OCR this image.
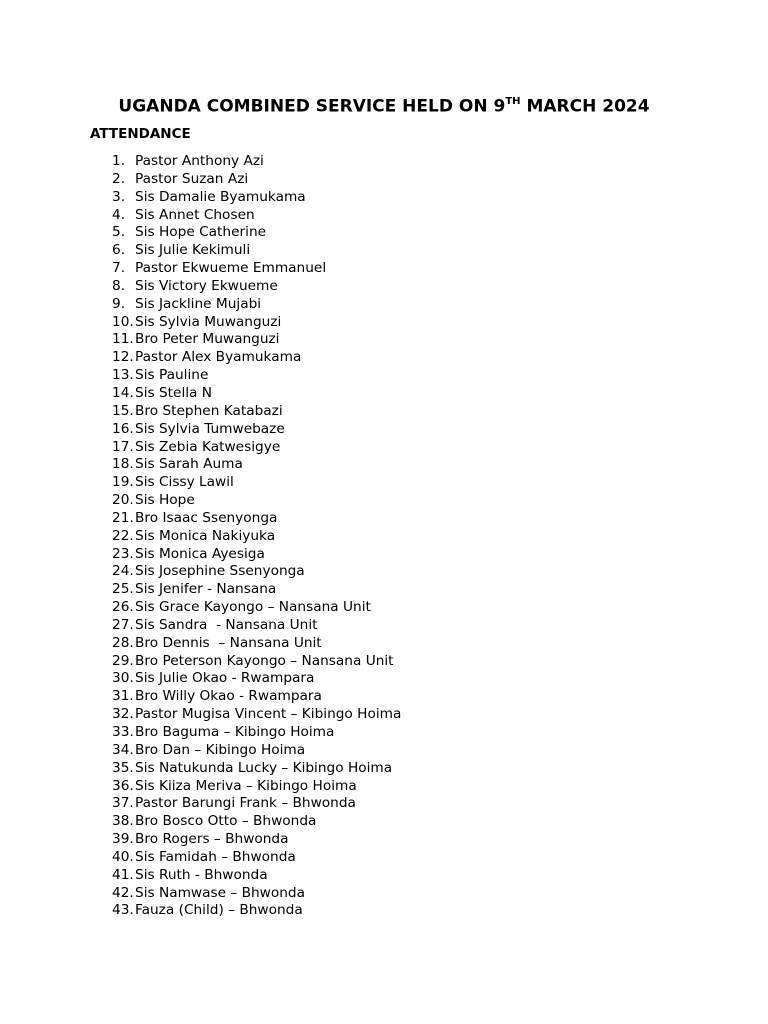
UGANDA COMBINED SERVICE HELD ON 9TH MARCH 2024
ATTENDANCE
1. Pastor Anthony Azi
2. Pastor Suzan Azi
3. Sis Damalie Byamukama
4. Sis Annet Chosen
5. Sis Hope Catherine
6. Sis Julie Kekimuli
7. Pastor Ekwueme Emmanuel
8. Sis Victory Ekwueme
9. Sis Jackline Mujabi
10. Sis Sylvia Muwanguzi
11. Bro Peter Muwanguzi
12. Pastor Alex Byamukama
13. Sis Pauline
14. Sis Stella N
15. Bro Stephen Katabazi
16. Sis Sylvia Tumwebaze
17. Sis Zebia Katwesigye
18. Sis Sarah Auma
19. Sis Cissy Lawil
20. Sis Hope
21. Bro Isaac Ssenyonga
22. Sis Monica Nakiyuka
23. Sis Monica Ayesiga
24. Sis Josephine Ssenyonga
25. Sis Jenifer - Nansana
26. Sis Grace Kayongo – Nansana Unit
27. Sis Sandra  - Nansana Unit
28. Bro Dennis  – Nansana Unit
29. Bro Peterson Kayongo – Nansana Unit
30. Sis Julie Okao - Rwampara
31. Bro Willy Okao - Rwampara
32. Pastor Mugisa Vincent – Kibingo Hoima
33. Bro Baguma – Kibingo Hoima
34. Bro Dan – Kibingo Hoima
35. Sis Natukunda Lucky – Kibingo Hoima
36. Sis Kiiza Meriva – Kibingo Hoima
37. Pastor Barungi Frank – Bhwonda
38. Bro Bosco Otto – Bhwonda
39. Bro Rogers – Bhwonda
40. Sis Famidah – Bhwonda
41. Sis Ruth - Bhwonda
42. Sis Namwase – Bhwonda
43. Fauza (Child) – Bhwonda
